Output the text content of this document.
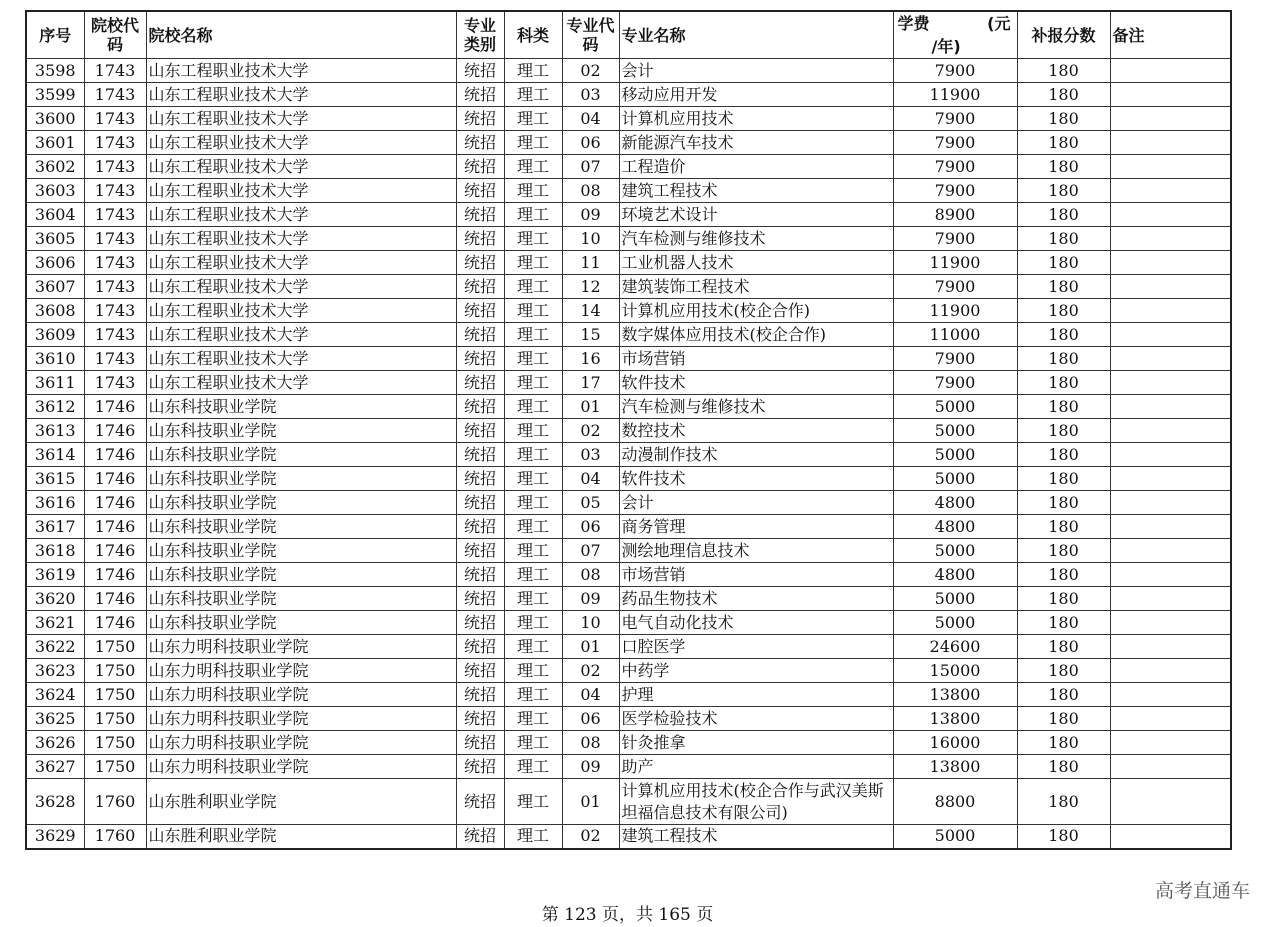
序号	院校代码	院校名称	专业类别	科类	专业代码	专业名称	学费 (元
/年)	补报分数	备注
3598	1743	山东工程职业技术大学	统招	理工	02	会计	7900	180	
3599	1743	山东工程职业技术大学	统招	理工	03	移动应用开发	11900	180	
3600	1743	山东工程职业技术大学	统招	理工	04	计算机应用技术	7900	180	
3601	1743	山东工程职业技术大学	统招	理工	06	新能源汽车技术	7900	180	
3602	1743	山东工程职业技术大学	统招	理工	07	工程造价	7900	180	
3603	1743	山东工程职业技术大学	统招	理工	08	建筑工程技术	7900	180	
3604	1743	山东工程职业技术大学	统招	理工	09	环境艺术设计	8900	180	
3605	1743	山东工程职业技术大学	统招	理工	10	汽车检测与维修技术	7900	180	
3606	1743	山东工程职业技术大学	统招	理工	11	工业机器人技术	11900	180	
3607	1743	山东工程职业技术大学	统招	理工	12	建筑装饰工程技术	7900	180	
3608	1743	山东工程职业技术大学	统招	理工	14	计算机应用技术(校企合作)	11900	180	
3609	1743	山东工程职业技术大学	统招	理工	15	数字媒体应用技术(校企合作)	11000	180	
3610	1743	山东工程职业技术大学	统招	理工	16	市场营销	7900	180	
3611	1743	山东工程职业技术大学	统招	理工	17	软件技术	7900	180	
3612	1746	山东科技职业学院	统招	理工	01	汽车检测与维修技术	5000	180	
3613	1746	山东科技职业学院	统招	理工	02	数控技术	5000	180	
3614	1746	山东科技职业学院	统招	理工	03	动漫制作技术	5000	180	
3615	1746	山东科技职业学院	统招	理工	04	软件技术	5000	180	
3616	1746	山东科技职业学院	统招	理工	05	会计	4800	180	
3617	1746	山东科技职业学院	统招	理工	06	商务管理	4800	180	
3618	1746	山东科技职业学院	统招	理工	07	测绘地理信息技术	5000	180	
3619	1746	山东科技职业学院	统招	理工	08	市场营销	4800	180	
3620	1746	山东科技职业学院	统招	理工	09	药品生物技术	5000	180	
3621	1746	山东科技职业学院	统招	理工	10	电气自动化技术	5000	180	
3622	1750	山东力明科技职业学院	统招	理工	01	口腔医学	24600	180	
3623	1750	山东力明科技职业学院	统招	理工	02	中药学	15000	180	
3624	1750	山东力明科技职业学院	统招	理工	04	护理	13800	180	
3625	1750	山东力明科技职业学院	统招	理工	06	医学检验技术	13800	180	
3626	1750	山东力明科技职业学院	统招	理工	08	针灸推拿	16000	180	
3627	1750	山东力明科技职业学院	统招	理工	09	助产	13800	180	
3628	1760	山东胜利职业学院	统招	理工	01	计算机应用技术(校企合作与武汉美斯坦福信息技术有限公司)	8800	180	
3629	1760	山东胜利职业学院	统招	理工	02	建筑工程技术	5000	180	
高考直通车
第 123 页，共 165 页
